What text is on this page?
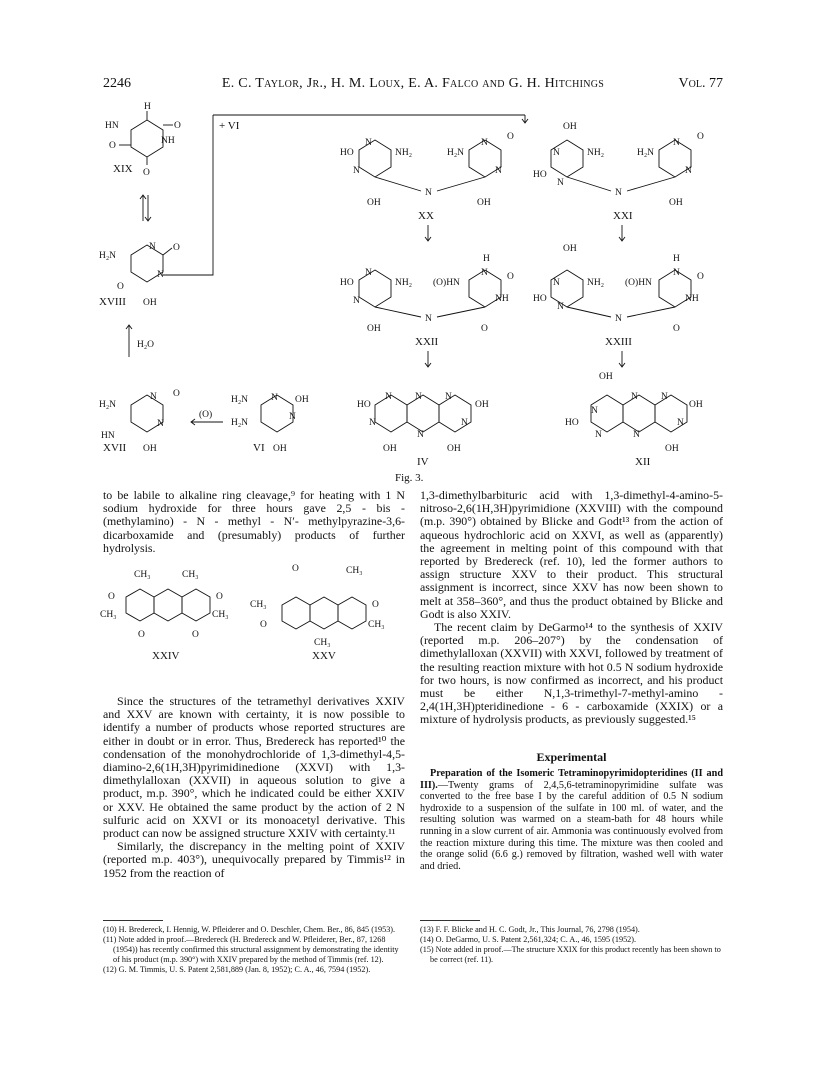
2246	E. C. Taylor, Jr., H. M. Loux, E. A. Falco and G. H. Hitchings	Vol. 77
H
HN	O
NH
O
O
XIX
+ VI
H₂N
N O
N
O
OH
XVIII
H₂O
H₂N
N O
N
HN
OH
XVII
(O)
H₂N
H₂N
N OH
N
OH
VI
HO
N
NH₂
N
H₂N
N
O
N
N
OH	OH
XX
OH
N	NH₂
HO
N
H₂N
N
O
N
N
OH
XXI
HO
N
NH₂
N
(O)HN
H
N O
NH
N
OH	O
XXII
OH
N	NH₂
HO
N
(O)HN
H
N O
NH
N
O
XXIII
HO
N N N
OH
N
N
N
OH	OH
IV
OH
N
HO
N
N N
OH
N
N
OH
XII
Fig. 3.

to be labile to alkaline ring cleavage,⁹ for heating with 1 N sodium hydroxide for three hours gave 2,5 - bis - (methylamino) - N - methyl - N′- methylpyrazine-3,6-dicarboxamide and (presumably) products of further hydrolysis.

Since the structures of the tetramethyl derivatives XXIV and XXV are known with certainty, it is now possible to identify a number of products whose reported structures are either in doubt or in error. Thus, Bredereck has reported¹⁰ the condensation of the monohydrochloride of 1,3-dimethyl-4,5-diamino-2,6(1H,3H)pyrimidinedione (XXVI) with 1,3-dimethylalloxan (XXVII) in aqueous solution to give a product, m.p. 390°, which he indicated could be either XXIV or XXV. He obtained the same product by the action of 2 N sulfuric acid on XXVI or its monoacetyl derivative. This product can now be assigned structure XXIV with certainty.¹¹

Similarly, the discrepancy in the melting point of XXIV (reported m.p. 403°), unequivocally prepared by Timmis¹² in 1952 from the reaction of

CH₃	CH₃
O	O
CH₃	CH₃
O	O
XXIV
O	CH₃
CH₃	O
O	CH₃
CH₃
XXV

1,3-dimethylbarbituric acid with 1,3-dimethyl-4-amino-5-nitroso-2,6(1H,3H)pyrimidione (XXVIII) with the compound (m.p. 390°) obtained by Blicke and Godt¹³ from the action of aqueous hydrochloric acid on XXVI, as well as (apparently) the agreement in melting point of this compound with that reported by Bredereck (ref. 10), led the former authors to assign structure XXV to their product. This structural assignment is incorrect, since XXV has now been shown to melt at 358–360°, and thus the product obtained by Blicke and Godt is also XXIV.

The recent claim by DeGarmo¹⁴ to the synthesis of XXIV (reported m.p. 206–207°) by the condensation of dimethylalloxan (XXVII) with XXVI, followed by treatment of the resulting reaction mixture with hot 0.5 N sodium hydroxide for two hours, is now confirmed as incorrect, and his product must be either N,1,3-trimethyl-7-methyl-amino - 2,4(1H,3H)pteridinedione - 6 - carboxamide (XXIX) or a mixture of hydrolysis products, as previously suggested.¹⁵

Experimental

Preparation of the Isomeric Tetraminopyrimidopteridines (II and III).—Twenty grams of 2,4,5,6-tetraminopyrimidine sulfate was converted to the free base I by the careful addition of 0.5 N sodium hydroxide to a suspension of the sulfate in 100 ml. of water, and the resulting solution was warmed on a steam-bath for 48 hours while running in a slow current of air. Ammonia was continuously evolved from the reaction mixture during this time. The mixture was then cooled and the orange solid (6.6 g.) removed by filtration, washed well with water and dried.

(10) H. Bredereck, I. Hennig, W. Pfleiderer and O. Deschler, Chem. Ber., 86, 845 (1953).

(11) Note added in proof.—Bredereck (H. Bredereck and W. Pfleiderer, Ber., 87, 1268 (1954)) has recently confirmed this structural assignment by demonstrating the identity of his product (m.p. 390°) with XXIV prepared by the method of Timmis (ref. 12).

(12) G. M. Timmis, U. S. Patent 2,581,889 (Jan. 8, 1952); C. A., 46, 7594 (1952).

(13) F. F. Blicke and H. C. Godt, Jr., This Journal, 76, 2798 (1954).

(14) O. DeGarmo, U. S. Patent 2,561,324; C. A., 46, 1595 (1952).

(15) Note added in proof.—The structure XXIX for this product recently has been shown to be correct (ref. 11).
